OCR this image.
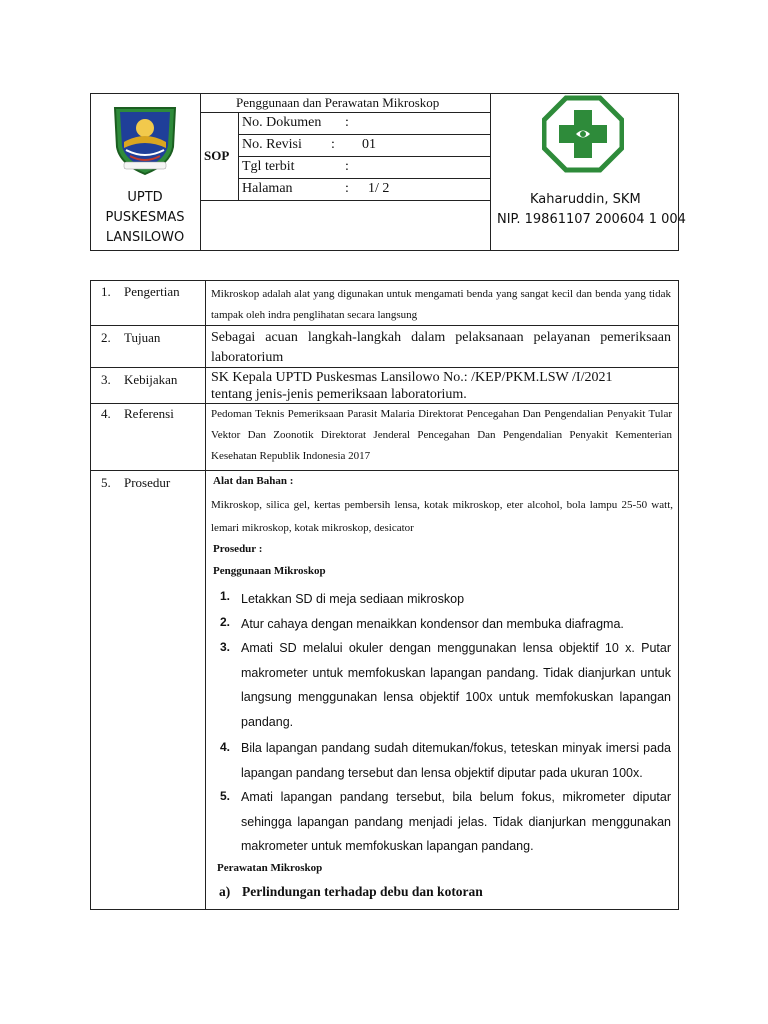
UPTD
PUSKESMAS
LANSILOWO
Penggunaan dan Perawatan Mikroskop
SOP
No. Dokumen :
No. Revisi : 01
Tgl terbit	:
Halaman	: 1/ 2
Kaharuddin, SKM
NIP. 19861107 200604 1 004
1. Pengertian	Mikroskop adalah alat yang digunakan untuk mengamati benda yang sangat kecil dan benda yang tidak tampak oleh indra penglihatan secara langsung
2. Tujuan	Sebagai acuan langkah-langkah dalam pelaksanaan pelayanan pemeriksaan laboratorium
3. Kebijakan SK Kepala UPTD Puskesmas Lansilowo No.: /KEP/PKM.LSW /I/2021
tentang jenis-jenis pemeriksaan laboratorium.
4. Referensi	Pedoman Teknis Pemeriksaan Parasit Malaria Direktorat Pencegahan Dan Pengendalian Penyakit Tular Vektor Dan Zoonotik Direktorat Jenderal Pencegahan Dan Pengendalian Penyakit Kementerian Kesehatan Republik Indonesia 2017
5. Prosedur	Alat dan Bahan :
Mikroskop, silica gel, kertas pembersih lensa, kotak mikroskop, eter alcohol, bola lampu 25-50 watt, lemari mikroskop, kotak mikroskop, desicator
Prosedur :
Penggunaan Mikroskop
1. Letakkan SD di meja sediaan mikroskop
2. Atur cahaya dengan menaikkan kondensor dan membuka diafragma.
3. Amati SD melalui okuler dengan menggunakan lensa objektif 10 x. Putar makrometer untuk memfokuskan lapangan pandang. Tidak dianjurkan untuk langsung menggunakan lensa objektif 100x untuk memfokuskan lapangan pandang.
4. Bila lapangan pandang sudah ditemukan/fokus, teteskan minyak imersi pada lapangan pandang tersebut dan lensa objektif diputar pada ukuran 100x.
5. Amati lapangan pandang tersebut, bila belum fokus, mikrometer diputar sehingga lapangan pandang menjadi jelas. Tidak dianjurkan menggunakan makrometer untuk memfokuskan lapangan pandang.
Perawatan Mikroskop
a) Perlindungan terhadap debu dan kotoran
